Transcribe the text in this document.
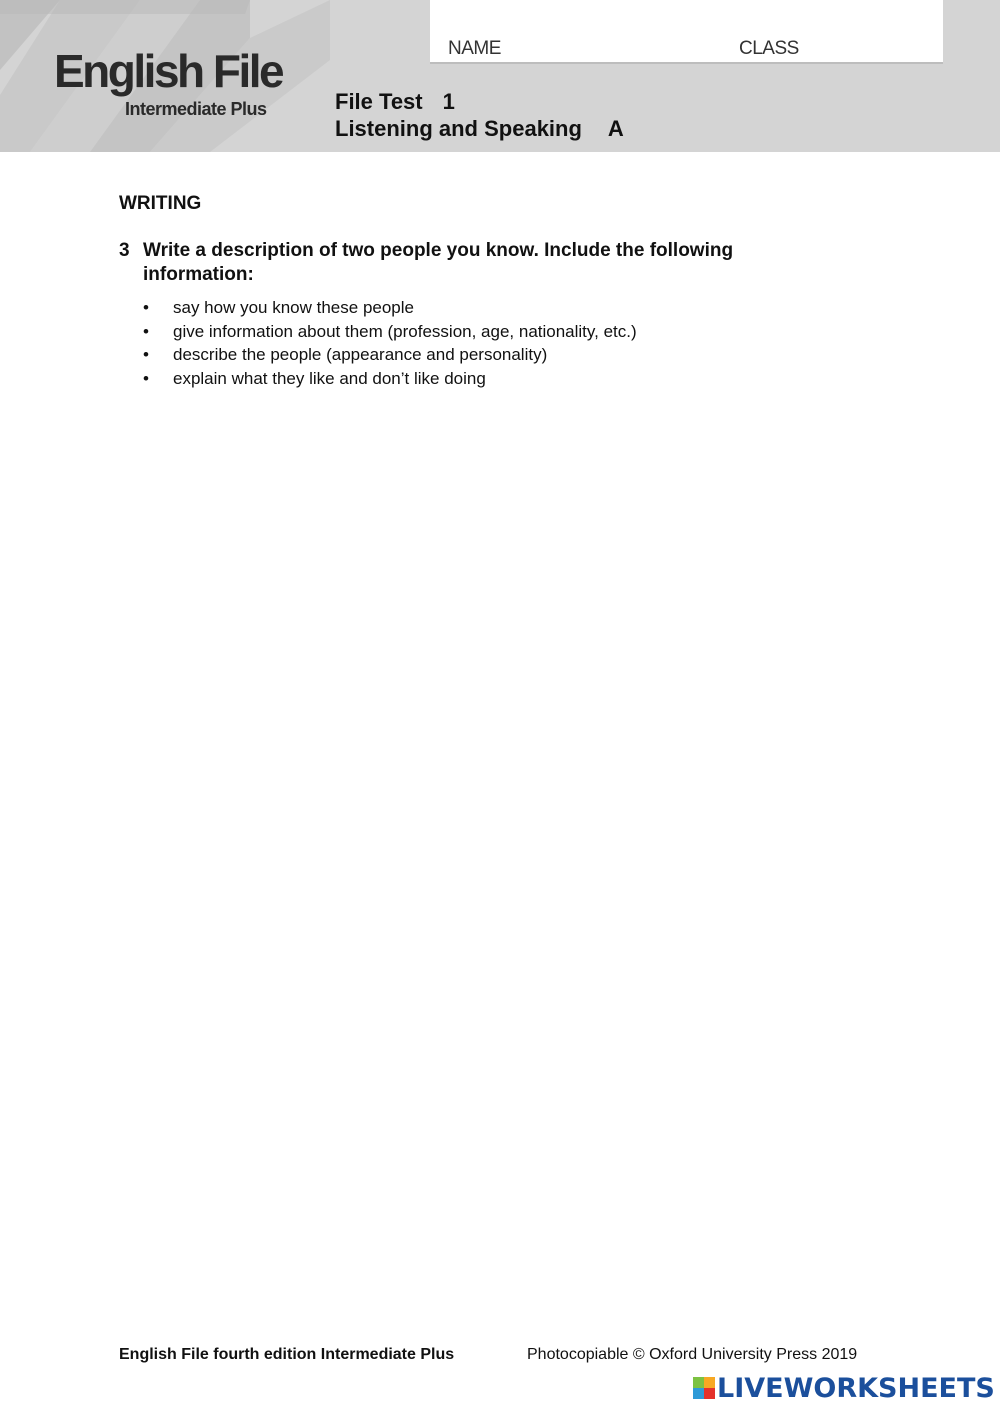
English File
Intermediate Plus
NAME	CLASS
File Test 1
Listening and Speaking A
WRITING
3 Write a description of two people you know. Include the following information:
• say how you know these people
• give information about them (profession, age, nationality, etc.)
• describe the people (appearance and personality)
• explain what they like and don’t like doing
English File fourth edition Intermediate Plus	Photocopiable © Oxford University Press 2019
LIVEWORKSHEETS
